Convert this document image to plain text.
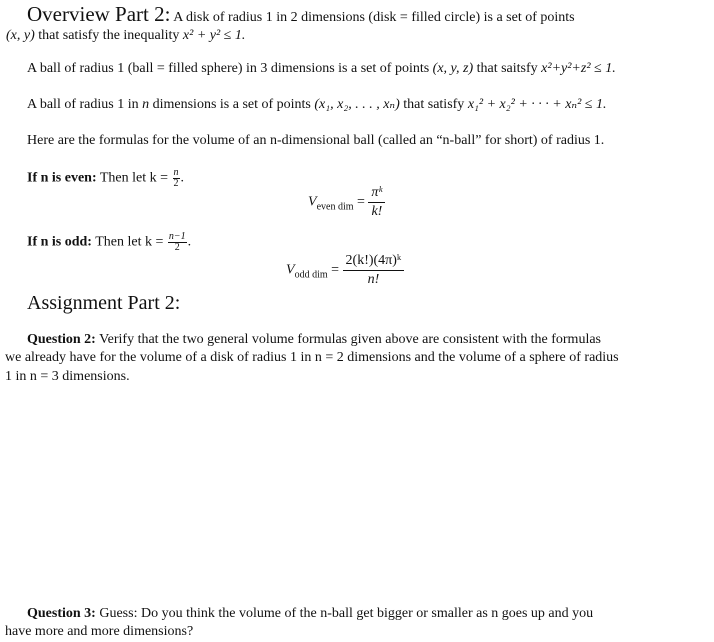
Overview Part 2: A disk of radius 1 in 2 dimensions (disk = filled circle) is a set of points
(x, y) that satisfy the inequality x² + y² ≤ 1.
A ball of radius 1 (ball = filled sphere) in 3 dimensions is a set of points (x, y, z) that saitsfy x²+y²+z² ≤ 1.
A ball of radius 1 in n dimensions is a set of points (x₁, x₂, . . . , xₙ) that satisfy x₁² + x₂² + · · · + xₙ² ≤ 1.
Here are the formulas for the volume of an n-dimensional ball (called an “n-ball” for short) of radius 1.
If n is even: Then let $k = \frac{n}{2}$ .
$V_{even dim} = \frac{\text{πᵏ}}{k!}$
If n is odd: Then let $k = \frac{n-1}{2}$ .
$V_{odd dim} = \frac{\text{2(k!)(4π)ᵏ}}{n!}$
Assignment Part 2:
Question 2: Verify that the two general volume formulas given above are consistent with the formulas
we already have for the volume of a disk of radius 1 in n = 2 dimensions and the volume of a sphere of radius
1 in n = 3 dimensions.
Question 3: Guess: Do you think the volume of the n-ball get bigger or smaller as n goes up and you
have more and more dimensions?
